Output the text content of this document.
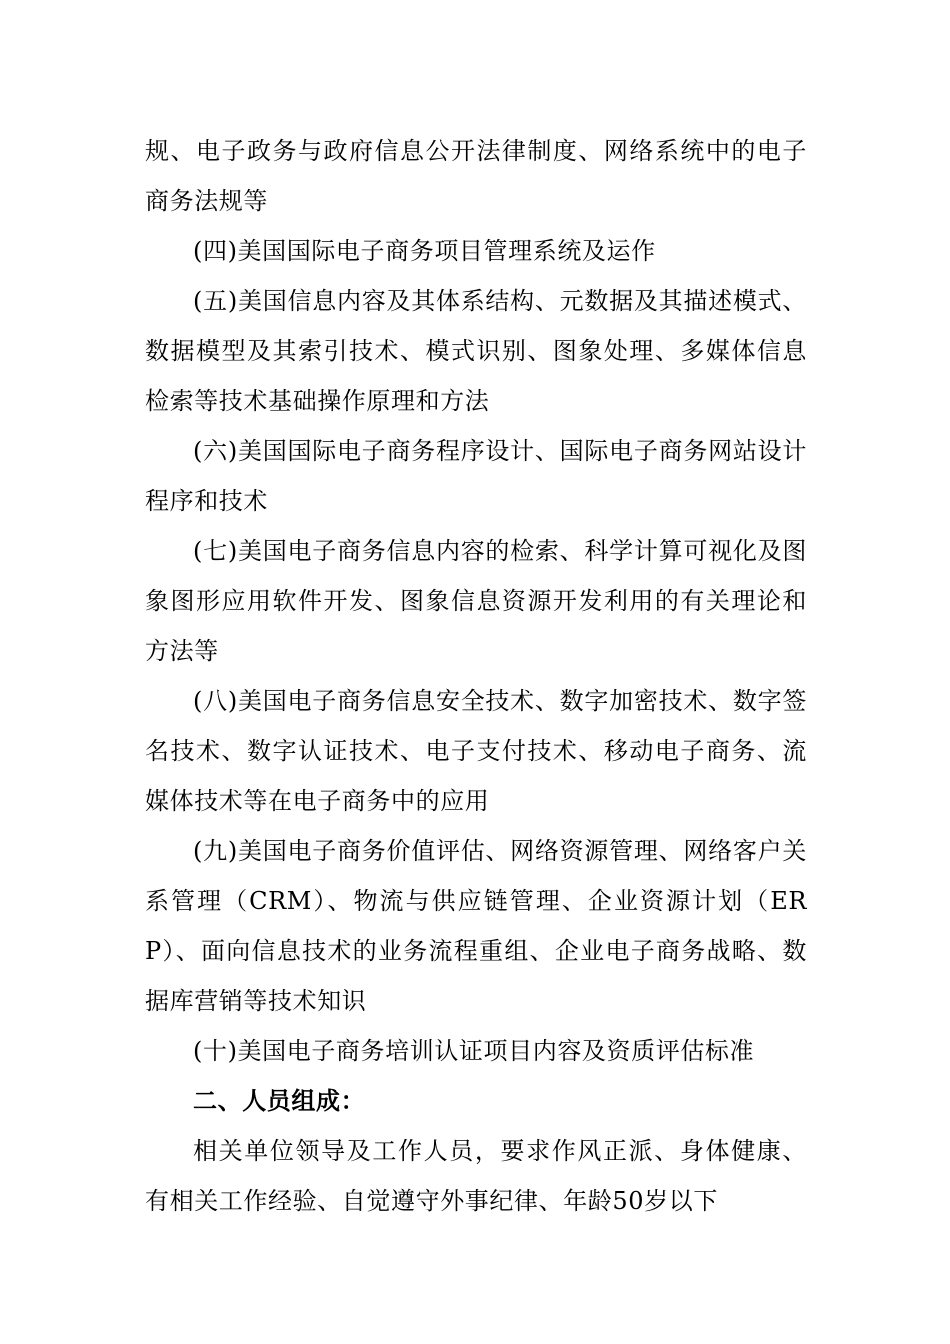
规、电子政务与政府信息公开法律制度、网络系统中的电子商务法规等

(四)美国国际电子商务项目管理系统及运作

(五)美国信息内容及其体系结构、元数据及其描述模式、数据模型及其索引技术、模式识别、图象处理、多媒体信息检索等技术基础操作原理和方法

(六)美国国际电子商务程序设计、国际电子商务网站设计程序和技术

(七)美国电子商务信息内容的检索、科学计算可视化及图象图形应用软件开发、图象信息资源开发利用的有关理论和方法等

(八)美国电子商务信息安全技术、数字加密技术、数字签名技术、数字认证技术、电子支付技术、移动电子商务、流媒体技术等在电子商务中的应用

(九)美国电子商务价值评估、网络资源管理、网络客户关系管理（CRM）、物流与供应链管理、企业资源计划（ERP）、面向信息技术的业务流程重组、企业电子商务战略、数据库营销等技术知识

(十)美国电子商务培训认证项目内容及资质评估标准

二、人员组成：

相关单位领导及工作人员，要求作风正派、身体健康、有相关工作经验、自觉遵守外事纪律、年龄50岁以下
